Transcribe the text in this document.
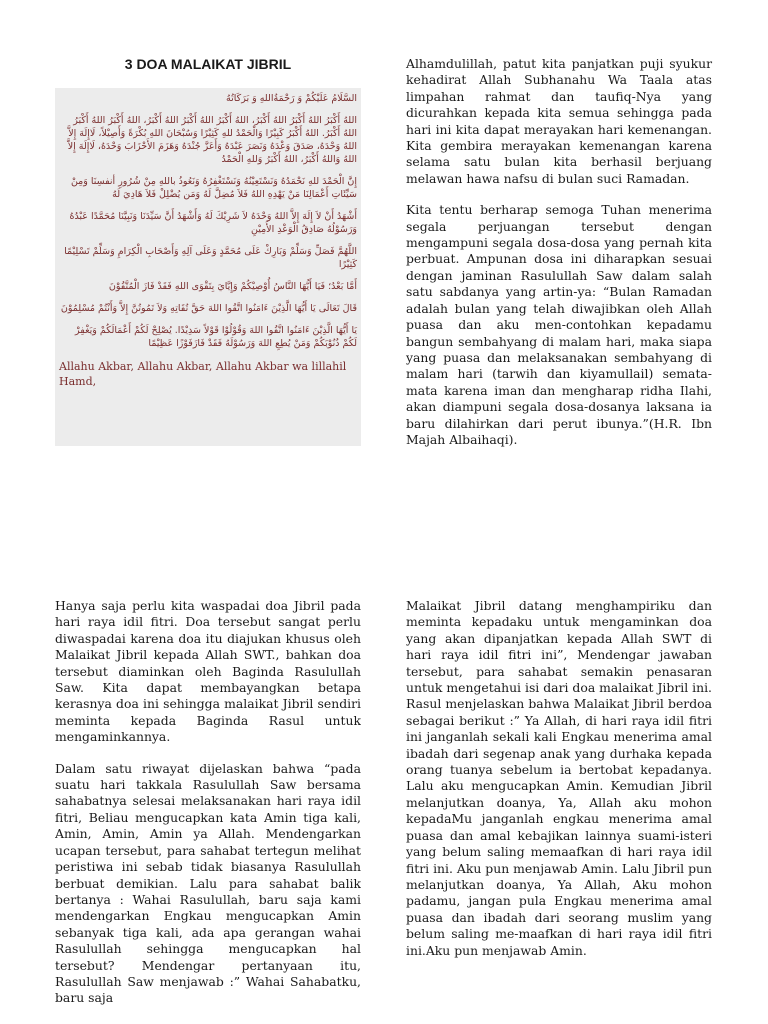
3 DOA MALAIKAT JIBRIL

السَّلَامُ عَلَيْكُمْ وَ رَحْمَةُاللهِ وَ بَرَكَاتُهُ

اللهُ أَكْبَرُ اللهُ أَكْبَرُ اللهُ أَكْبَرُ، اللهُ أَكْبَرُ اللهُ أَكْبَرُ اللهُ أَكْبَرُ، اللهُ أَكْبَرُ اللهُ أَكْبَرُ اللهُ أَكْبَرُ. اللهُ أَكْبَرُ كَبِيْرًا وَالْحَمْدُ للهِ كَثِيْرًا وَسُبْحَانَ اللهِ بُكْرَةً وَأَصِيْلاً، لَاإِلَهَ إِلاَّ اللهُ وَحْدَهُ، صَدَقَ وَعْدَهُ وَنَصَرَ عَبْدَهُ وَأَعَزَّ جُنْدَهُ وَهَزَمَ الأَحْزَابَ وَحْدَهُ، لَاإِلَهَ إِلاَّ اللهُ وَاللهُ أَكْبَرُ، اللهُ أَكْبَرُ وَللهِ الْحَمْدُ

إِنَّ الْحَمْدَ للهِ نَحْمَدُهُ وَنَسْتَعِيْنُهُ وَنَسْتَغْفِرُهُ وَنَعُوذُ باللهِ مِنْ شُرُورِ أنفسِنَا وَمِنْ سَيِّئَاتِ أَعْمَالِنَا مَنْ يَهْدِهِ اللهُ فَلاَ مُضِلَّ لَهُ وَمَن يُضْلِلْ فَلاَ هَادِيَ لَهُ

أَشْهَدُ أَنْ لاَ إِلَهَ إِلاَّ اللهُ وَحْدَهُ لاَ شَرِيْكَ لَهُ وَأَشْهَدُ أَنَّ سَيِّدَنَا وَنَبِيَّنَا مُحَمَّدًا عَبْدُهُ وَرَسُوْلُهُ صَادِقُ الْوَعْدِ الأَمِيْنِ

اللَّهُمَّ فَصَلِّ وَسَلِّمْ وَبَارِكْ عَلَى مُحَمَّدٍ وَعَلَى آلِهِ وَأَصْحَابِ الْكِرَامِ وَسَلِّمْ تَسْلِيْمًا كَثِيْرًا

أَمَّا بَعْدُ؛ فَيَا أَيُّهَا النَّاسُ أُوْصِيْكُمْ وَإِيَّايَ بِتَقْوَى اللهِ فَقَدْ فَازَ الْمُتَّقُوْنَ

قَالَ تَعَالَى يَا أَيُّهَا الَّذِيْنَ ءَامَنُوا اتَّقُوا اللهَ حَقَّ تُقَاتِهِ وَلاَ تَمُوتُنَّ إِلاَّ وَأَنْتُمْ مُسْلِمُوْنَ

يَا أَيُّهَا الَّذِيْنَ ءَامَنُوا اتَّقُوا اللهَ وَقُوْلُوْا قَوْلاً سَدِيْدًا. يُصْلِحْ لَكُمْ أَعْمَالَكُمْ وَيَغْفِرْ لَكُمْ ذُنُوْبَكُمْ وَمَنْ يُطِعِ اللهَ وَرَسُوْلَهُ فَقَدْ فَازَفَوْزًا عَظِيْمًا

Allahu Akbar, Allahu Akbar, Allahu Akbar wa lillahil Hamd,

Alhamdulillah, patut kita panjatkan puji syukur kehadirat Allah Subhanahu Wa Taala atas limpahan rahmat dan taufiq-Nya yang dicurahkan kepada kita semua sehingga pada hari ini kita dapat merayakan hari kemenangan. Kita gembira merayakan kemenangan karena selama satu bulan kita berhasil berjuang melawan hawa nafsu di bulan suci Ramadan.

Kita tentu berharap semoga Tuhan menerima segala perjuangan tersebut dengan mengampuni segala dosa-dosa yang pernah kita perbuat. Ampunan dosa ini diharapkan sesuai dengan jaminan Rasulullah Saw dalam salah satu sabdanya yang artin-ya: “Bulan Ramadan adalah bulan yang telah diwajibkan oleh Allah puasa dan aku men-contohkan kepadamu bangun sembahyang di malam hari, maka siapa yang puasa dan melaksanakan sembahyang di malam hari (tarwih dan kiyamullail) semata-mata karena iman dan mengharap ridha Ilahi, akan diampuni segala dosa-dosanya laksana ia baru dilahirkan dari perut ibunya.”(H.R. Ibn Majah Albaihaqi).

Hanya saja perlu kita waspadai doa Jibril pada hari raya idil fitri. Doa tersebut sangat perlu diwaspadai karena doa itu diajukan khusus oleh Malaikat Jibril kepada Allah SWT., bahkan doa tersebut diaminkan oleh Baginda Rasulullah Saw. Kita dapat membayangkan betapa kerasnya doa ini sehingga malaikat Jibril sendiri meminta kepada Baginda Rasul untuk mengaminkannya.

Dalam satu riwayat dijelaskan bahwa “pada suatu hari takkala Rasulullah Saw bersama sahabatnya selesai melaksanakan hari raya idil fitri, Beliau mengucapkan kata Amin tiga kali, Amin, Amin, Amin ya Allah. Mendengarkan ucapan tersebut, para sahabat tertegun melihat peristiwa ini sebab tidak biasanya Rasulullah berbuat demikian. Lalu para sahabat balik bertanya : Wahai Rasulullah, baru saja kami mendengarkan Engkau mengucapkan Amin sebanyak tiga kali, ada apa gerangan wahai Rasulullah sehingga mengucapkan hal tersebut? Mendengar pertanyaan itu, Rasulullah Saw menjawab :” Wahai Sahabatku, baru saja

Malaikat Jibril datang menghampiriku dan meminta kepadaku untuk mengaminkan doa yang akan dipanjatkan kepada Allah SWT di hari raya idil fitri ini”, Mendengar jawaban tersebut, para sahabat semakin penasaran untuk mengetahui isi dari doa malaikat Jibril ini. Rasul menjelaskan bahwa Malaikat Jibril berdoa sebagai berikut :” Ya Allah, di hari raya idil fitri ini janganlah sekali kali Engkau menerima amal ibadah dari segenap anak yang durhaka kepada orang tuanya sebelum ia bertobat kepadanya. Lalu aku mengucapkan Amin. Kemudian Jibril melanjutkan doanya, Ya, Allah aku mohon kepadaMu janganlah engkau menerima amal puasa dan amal kebajikan lainnya suami-isteri yang belum saling memaafkan di hari raya idil fitri ini. Aku pun menjawab Amin. Lalu Jibril pun melanjutkan doanya, Ya Allah, Aku mohon padamu, jangan pula Engkau menerima amal puasa dan ibadah dari seorang muslim yang belum saling me-maafkan di hari raya idil fitri ini.Aku pun menjawab Amin.
